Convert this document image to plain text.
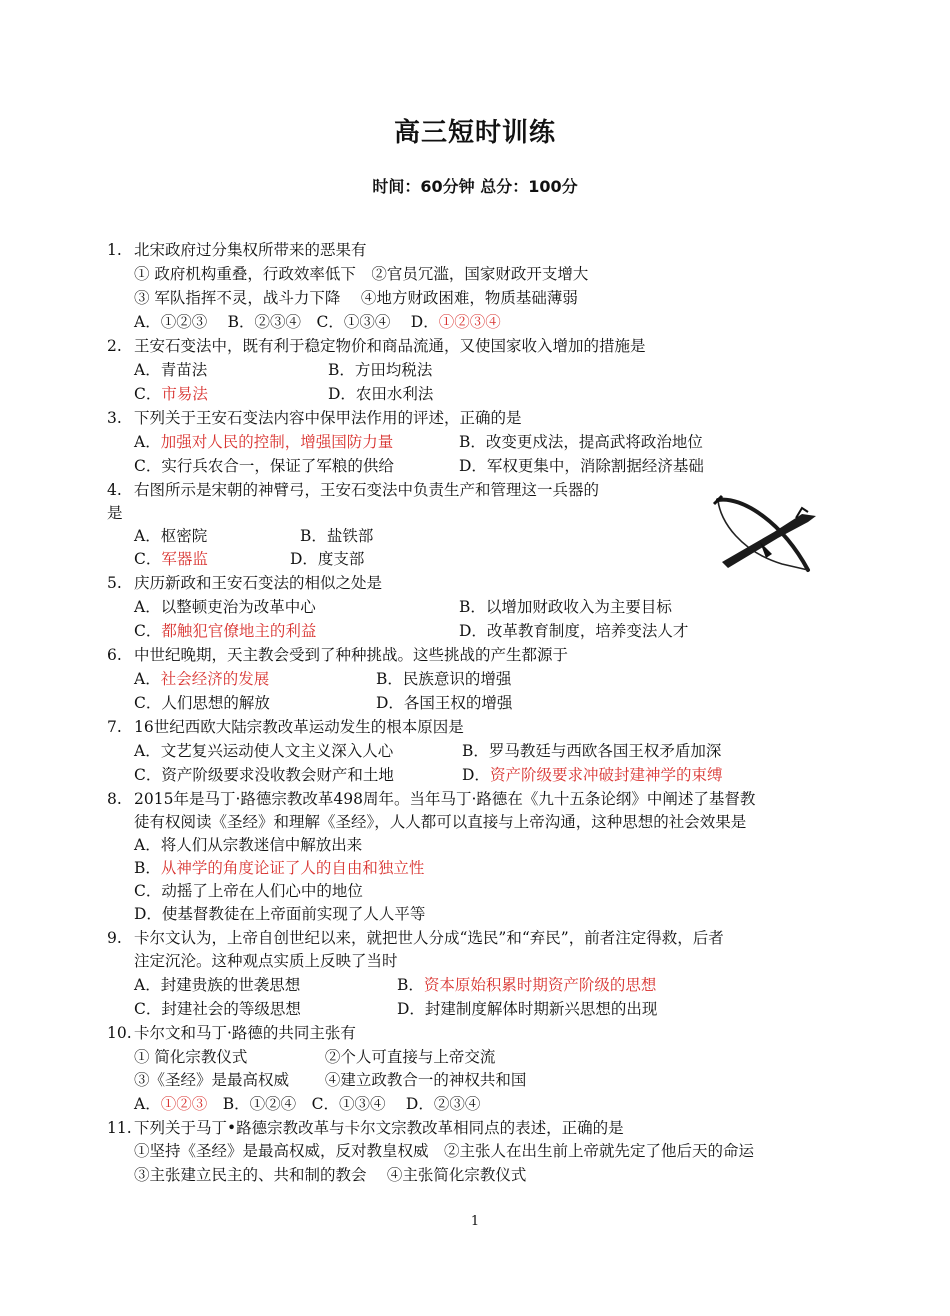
高三短时训练
时间：60分钟 总分：100分
1. 北宋政府过分集权所带来的恶果有
① 政府机构重叠，行政效率低下　②官员冗滥，国家财政开支增大
③ 军队指挥不灵，战斗力下降　 ④地方财政困难，物质基础薄弱
A．①②③　 B．②③④　C．①③④　 D．①②③④
2. 王安石变法中，既有利于稳定物价和商品流通，又使国家收入增加的措施是
A．青苗法	B．方田均税法
C．市易法	D．农田水利法
3. 下列关于王安石变法内容中保甲法作用的评述，正确的是
A．加强对人民的控制，增强国防力量	B．改变更戍法，提高武将政治地位
C．实行兵农合一，保证了军粮的供给	D．军权更集中，消除割据经济基础
4. 右图所示是宋朝的神臂弓，王安石变法中负责生产和管理这一兵器的
是
A．枢密院	B．盐铁部
C．军器监	D．度支部
5. 庆历新政和王安石变法的相似之处是
A．以整顿吏治为改革中心	B．以增加财政收入为主要目标
C．都触犯官僚地主的利益	D．改革教育制度，培养变法人才
6. 中世纪晚期，天主教会受到了种种挑战。这些挑战的产生都源于
A．社会经济的发展	B．民族意识的增强
C．人们思想的解放	D．各国王权的增强
7. 16世纪西欧大陆宗教改革运动发生的根本原因是
A．文艺复兴运动使人文主义深入人心	B．罗马教廷与西欧各国王权矛盾加深
C．资产阶级要求没收教会财产和土地	D．资产阶级要求冲破封建神学的束缚
8. 2015年是马丁·路德宗教改革498周年。当年马丁·路德在《九十五条论纲》中阐述了基督教
徒有权阅读《圣经》和理解《圣经》，人人都可以直接与上帝沟通，这种思想的社会效果是
A．将人们从宗教迷信中解放出来
B．从神学的角度论证了人的自由和独立性
C．动摇了上帝在人们心中的地位
D．使基督教徒在上帝面前实现了人人平等
9. 卡尔文认为，上帝自创世纪以来，就把世人分成“选民”和“弃民”，前者注定得救，后者
注定沉沦。这种观点实质上反映了当时
A．封建贵族的世袭思想	B．资本原始积累时期资产阶级的思想
C．封建社会的等级思想	D．封建制度解体时期新兴思想的出现
10. 卡尔文和马丁·路德的共同主张有
① 简化宗教仪式　　　　　②个人可直接与上帝交流
③《圣经》是最高权威　　 ④建立政教合一的神权共和国
A．①②③　B．①②④　C．①③④　 D．②③④
11. 下列关于马丁•路德宗教改革与卡尔文宗教改革相同点的表述，正确的是
①坚持《圣经》是最高权威，反对教皇权威　②主张人在出生前上帝就先定了他后天的命运
③主张建立民主的、共和制的教会　 ④主张简化宗教仪式
1
